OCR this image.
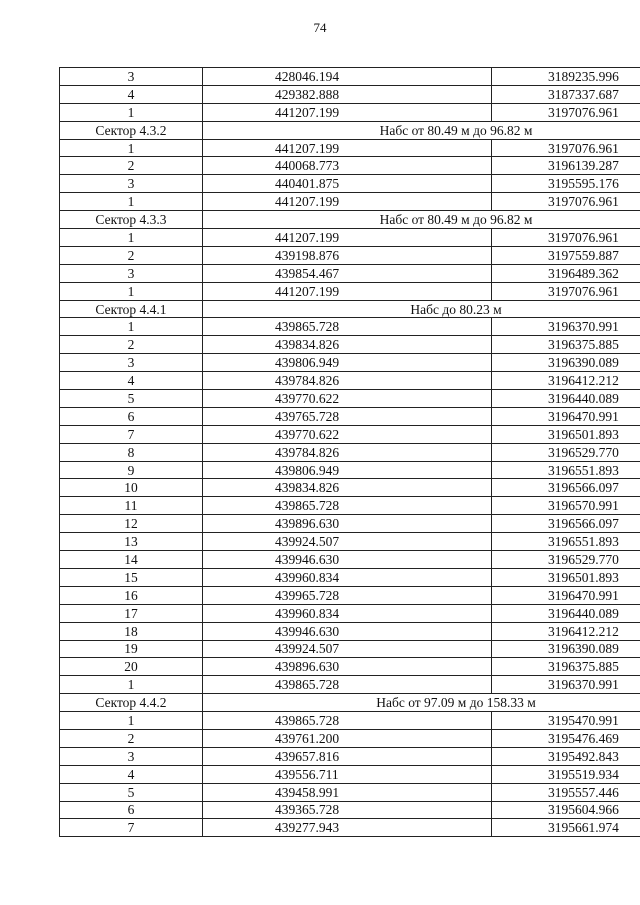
74
3	428046.194	3189235.996
4	429382.888	3187337.687
1	441207.199	3197076.961
Сектор 4.3.2	Набс от 80.49 м до 96.82 м	
1	441207.199	3197076.961
2	440068.773	3196139.287
3	440401.875	3195595.176
1	441207.199	3197076.961
Сектор 4.3.3	Набс от 80.49 м до 96.82 м	
1	441207.199	3197076.961
2	439198.876	3197559.887
3	439854.467	3196489.362
1	441207.199	3197076.961
Сектор 4.4.1	Набс до 80.23 м	
1	439865.728	3196370.991
2	439834.826	3196375.885
3	439806.949	3196390.089
4	439784.826	3196412.212
5	439770.622	3196440.089
6	439765.728	3196470.991
7	439770.622	3196501.893
8	439784.826	3196529.770
9	439806.949	3196551.893
10	439834.826	3196566.097
11	439865.728	3196570.991
12	439896.630	3196566.097
13	439924.507	3196551.893
14	439946.630	3196529.770
15	439960.834	3196501.893
16	439965.728	3196470.991
17	439960.834	3196440.089
18	439946.630	3196412.212
19	439924.507	3196390.089
20	439896.630	3196375.885
1	439865.728	3196370.991
Сектор 4.4.2	Набс от 97.09 м до 158.33 м	
1	439865.728	3195470.991
2	439761.200	3195476.469
3	439657.816	3195492.843
4	439556.711	3195519.934
5	439458.991	3195557.446
6	439365.728	3195604.966
7	439277.943	3195661.974
